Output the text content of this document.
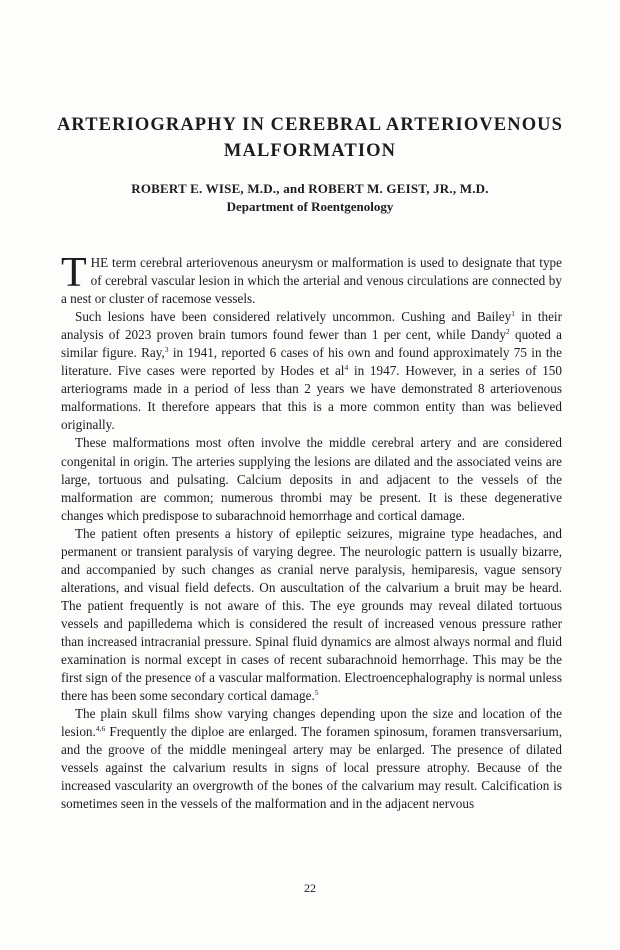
ARTERIOGRAPHY IN CEREBRAL ARTERIOVENOUS
MALFORMATION
ROBERT E. WISE, M.D., and ROBERT M. GEIST, JR., M.D.
Department of Roentgenology

THE term cerebral arteriovenous aneurysm or malformation is used to designate that type of cerebral vascular lesion in which the arterial and venous circulations are connected by a nest or cluster of racemose vessels.

Such lesions have been considered relatively uncommon. Cushing and Bailey$^1$ in their analysis of 2023 proven brain tumors found fewer than 1 per cent, while Dandy$^2$ quoted a similar figure. Ray,$^3$ in 1941, reported 6 cases of his own and found approximately 75 in the literature. Five cases were reported by Hodes et $al^4$ in 1947. However, in a series of 150 arteriograms made in a period of less than 2 years we have demonstrated 8 arteriovenous malformations. It therefore appears that this is a more common entity than was believed originally.

These malformations most often involve the middle cerebral artery and are considered congenital in origin. The arteries supplying the lesions are dilated and the associated veins are large, tortuous and pulsating. Calcium deposits in and adjacent to the vessels of the malformation are common; numerous thrombi may be present. It is these degenerative changes which predispose to subarachnoid hemorrhage and cortical damage.

The patient often presents a history of epileptic seizures, migraine type headaches, and permanent or transient paralysis of varying degree. The neurologic pattern is usually bizarre, and accompanied by such changes as cranial nerve paralysis, hemiparesis, vague sensory alterations, and visual field defects. On auscultation of the calvarium a bruit may be heard. The patient frequently is not aware of this. The eye grounds may reveal dilated tortuous vessels and papilledema which is considered the result of increased venous pressure rather than increased intracranial pressure. Spinal fluid dynamics are almost always normal and fluid examination is normal except in cases of recent subarachnoid hemorrhage. This may be the first sign of the presence of a vascular malformation. Electroencephalography is normal unless there has been some secondary cortical damage.$^5$

The plain skull films show varying changes depending upon the size and location of the lesion.$^{4,6}$ Frequently the diploe are enlarged. The foramen spinosum, foramen transversarium, and the groove of the middle meningeal artery may be enlarged. The presence of dilated vessels against the calvarium results in signs of local pressure atrophy. Because of the increased vascularity an overgrowth of the bones of the calvarium may result. Calcification is sometimes seen in the vessels of the malformation and in the adjacent nervous

22
